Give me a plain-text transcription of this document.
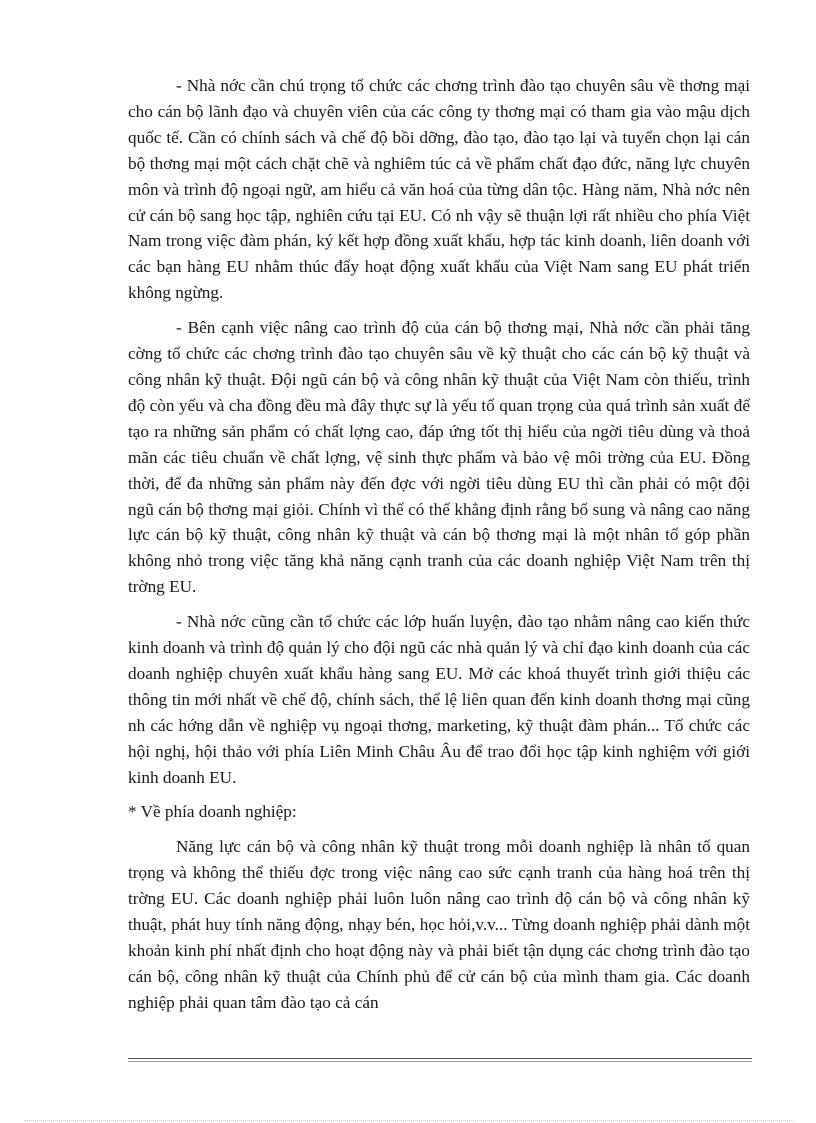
- Nhà nớc cần chú trọng tổ chức các chơng trình đào tạo chuyên sâu về thơng mại cho cán bộ lãnh đạo và chuyên viên của các công ty thơng mại có tham gia vào mậu dịch quốc tế. Cần có chính sách và chế độ bồi dỡng, đào tạo, đào tạo lại và tuyển chọn lại cán bộ thơng mại một cách chặt chẽ và nghiêm túc cả về phẩm chất đạo đức, năng lực chuyên môn và trình độ ngoại ngữ, am hiểu cả văn hoá của từng dân tộc. Hàng năm, Nhà nớc nên cử cán bộ sang học tập, nghiên cứu tại EU. Có nh vậy sẽ thuận lợi rất nhiều cho phía Việt Nam trong việc đàm phán, ký kết hợp đồng xuất khẩu, hợp tác kinh doanh, liên doanh với các bạn hàng EU nhằm thúc đẩy hoạt động xuất khẩu của Việt Nam sang EU phát triển không ngừng.

- Bên cạnh việc nâng cao trình độ của cán bộ thơng mại, Nhà nớc cần phải tăng cờng tổ chức các chơng trình đào tạo chuyên sâu về kỹ thuật cho các cán bộ kỹ thuật và công nhân kỹ thuật. Đội ngũ cán bộ và công nhân kỹ thuật của Việt Nam còn thiếu, trình độ còn yếu và cha đồng đều mà đây thực sự là yếu tố quan trọng của quá trình sản xuất để tạo ra những sản phẩm có chất lợng cao, đáp ứng tốt thị hiếu của ngời tiêu dùng và thoả mãn các tiêu chuẩn về chất lợng, vệ sinh thực phẩm và bảo vệ môi trờng của EU. Đồng thời, để đa những sản phẩm này đến đợc với ngời tiêu dùng EU thì cần phải có một đội ngũ cán bộ thơng mại giỏi. Chính vì thế có thể khẳng định rằng bổ sung và nâng cao năng lực cán bộ kỹ thuật, công nhân kỹ thuật và cán bộ thơng mại là một nhân tố góp phần không nhỏ trong việc tăng khả năng cạnh tranh của các doanh nghiệp Việt Nam trên thị trờng EU.

- Nhà nớc cũng cần tổ chức các lớp huấn luyện, đào tạo nhằm nâng cao kiến thức kinh doanh và trình độ quản lý cho đội ngũ các nhà quản lý và chỉ đạo kinh doanh của các doanh nghiệp chuyên xuất khẩu hàng sang EU. Mở các khoá thuyết trình giới thiệu các thông tin mới nhất về chế độ, chính sách, thể lệ liên quan đến kinh doanh thơng mại cũng nh các hớng dẫn về nghiệp vụ ngoại thơng, marketing, kỹ thuật đàm phán... Tổ chức các hội nghị, hội thảo với phía Liên Minh Châu Âu để trao đổi học tập kinh nghiệm với giới kinh doanh EU.

* Về phía doanh nghiệp:

Năng lực cán bộ và công nhân kỹ thuật trong mỗi doanh nghiệp là nhân tố quan trọng và không thể thiếu đợc trong việc nâng cao sức cạnh tranh của hàng hoá trên thị trờng EU. Các doanh nghiệp phải luôn luôn nâng cao trình độ cán bộ và công nhân kỹ thuật, phát huy tính năng động, nhạy bén, học hỏi,v.v... Từng doanh nghiệp phải dành một khoản kinh phí nhất định cho hoạt động này và phải biết tận dụng các chơng trình đào tạo cán bộ, công nhân kỹ thuật của Chính phủ để cử cán bộ của mình tham gia. Các doanh nghiệp phải quan tâm đào tạo cả cán
